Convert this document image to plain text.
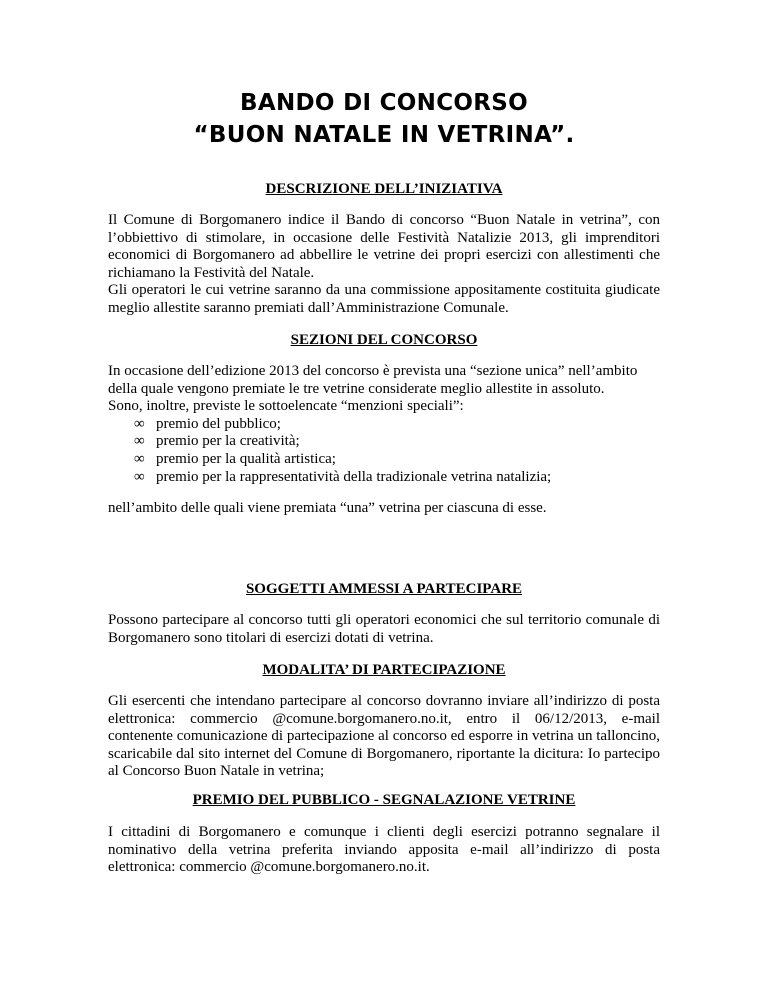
BANDO DI CONCORSO
“BUON NATALE IN VETRINA”.
DESCRIZIONE DELL’INIZIATIVA
Il Comune di Borgomanero indice il Bando di concorso “Buon Natale in vetrina”, con l’obbiettivo di stimolare, in occasione delle Festività Natalizie 2013, gli imprenditori economici di Borgomanero ad abbellire le vetrine dei propri esercizi con allestimenti che richiamano la Festività del Natale.
Gli operatori le cui vetrine saranno da una commissione appositamente costituita giudicate meglio allestite saranno premiati dall’Amministrazione Comunale.
SEZIONI DEL CONCORSO
In occasione dell’edizione 2013 del concorso è prevista una “sezione unica” nell’ambito della quale vengono premiate le tre vetrine considerate meglio allestite in assoluto.
Sono, inoltre, previste le sottoelencate “menzioni speciali”:
∞ premio del pubblico;
∞ premio per la creatività;
∞ premio per la qualità artistica;
∞ premio per la rappresentatività della tradizionale vetrina natalizia;
nell’ambito delle quali viene premiata “una” vetrina per ciascuna di esse.
SOGGETTI AMMESSI A PARTECIPARE
Possono partecipare al concorso tutti gli operatori economici che sul territorio comunale di Borgomanero sono titolari di esercizi dotati di vetrina.
MODALITA’ DI PARTECIPAZIONE
Gli esercenti che intendano partecipare al concorso dovranno inviare all’indirizzo di posta elettronica: commercio @comune.borgomanero.no.it, entro il 06/12/2013, e-mail contenente comunicazione di partecipazione al concorso ed esporre in vetrina un talloncino, scaricabile dal sito internet del Comune di Borgomanero, riportante la dicitura: Io partecipo al Concorso Buon Natale in vetrina;
PREMIO DEL PUBBLICO - SEGNALAZIONE VETRINE
I cittadini di Borgomanero e comunque i clienti degli esercizi potranno segnalare il nominativo della vetrina preferita inviando apposita e-mail all’indirizzo di posta elettronica: commercio @comune.borgomanero.no.it.
